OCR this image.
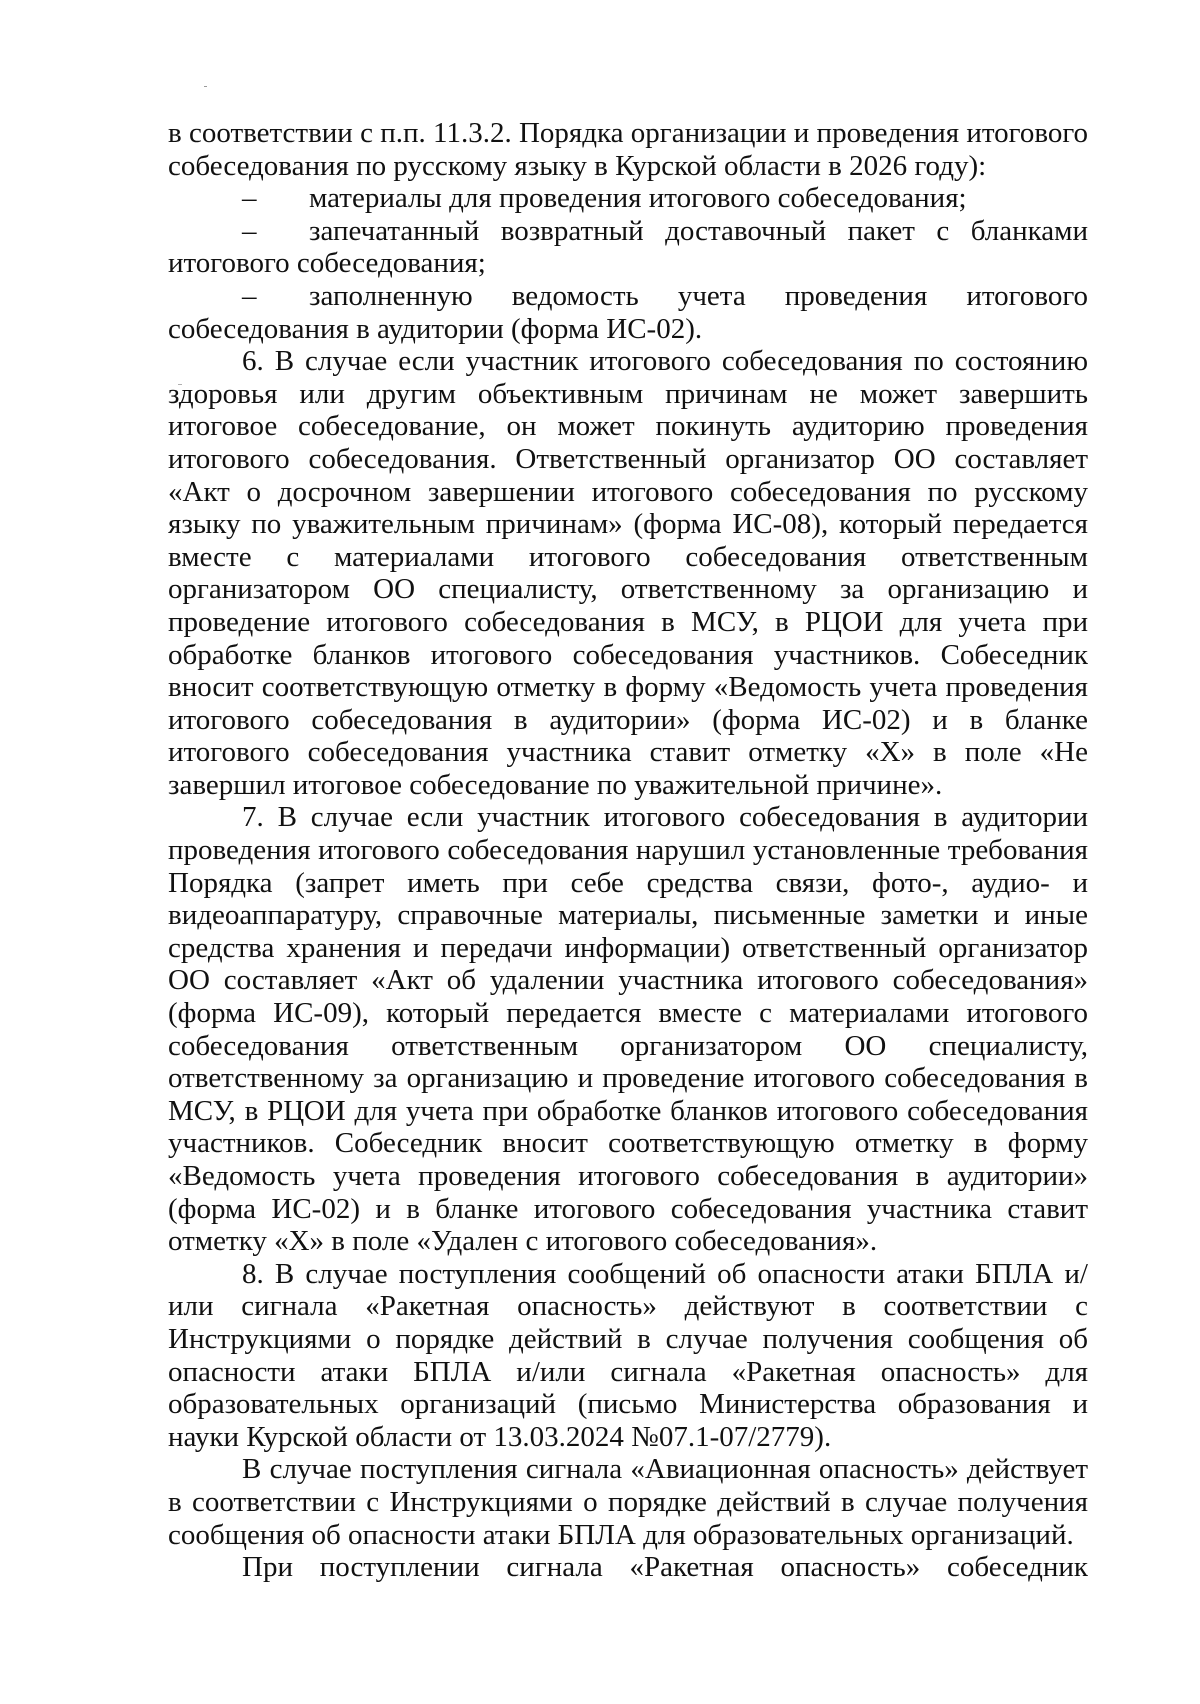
в соответствии с п.п. 11.3.2. Порядка организации и проведения итогового собеседования по русскому языку в Курской области в 2026 году):

– материалы для проведения итогового собеседования;

– запечатанный возвратный доставочный пакет с бланками итогового собеседования;

– заполненную ведомость учета проведения итогового собеседования в аудитории (форма ИС-02).

6. В случае если участник итогового собеседования по состоянию здоровья или другим объективным причинам не может завершить итоговое собеседование, он может покинуть аудиторию проведения итогового собеседования. Ответственный организатор ОО составляет «Акт о досрочном завершении итогового собеседования по русскому языку по уважительным причинам» (форма ИС-08), который передается вместе с материалами итогового собеседования ответственным организатором ОО специалисту, ответственному за организацию и проведение итогового собеседования в МСУ, в РЦОИ для учета при обработке бланков итогового собеседования участников. Собеседник вносит соответствующую отметку в форму «Ведомость учета проведения итогового собеседования в аудитории» (форма ИС-02) и в бланке итогового собеседования участника ставит отметку «X» в поле «Не завершил итоговое собеседование по уважительной причине».

7. В случае если участник итогового собеседования в аудитории проведения итогового собеседования нарушил установленные требования Порядка (запрет иметь при себе средства связи, фото-, аудио- и видеоаппаратуру, справочные материалы, письменные заметки и иные средства хранения и передачи информации) ответственный организатор ОО составляет «Акт об удалении участника итогового собеседования» (форма ИС-09), который передается вместе с материалами итогового собеседования ответственным организатором ОО специалисту, ответственному за организацию и проведение итогового собеседования в МСУ, в РЦОИ для учета при обработке бланков итогового собеседования участников. Собеседник вносит соответствующую отметку в форму «Ведомость учета проведения итогового собеседования в аудитории» (форма ИС-02) и в бланке итогового собеседования участника ставит отметку «X» в поле «Удален с итогового собеседования».

8. В случае поступления сообщений об опасности атаки БПЛА и/или сигнала «Ракетная опасность» действуют в соответствии с Инструкциями о порядке действий в случае получения сообщения об опасности атаки БПЛА и/или сигнала «Ракетная опасность» для образовательных организаций (письмо Министерства образования и науки Курской области от 13.03.2024 №07.1-07/2779).

В случае поступления сигнала «Авиационная опасность» действует в соответствии с Инструкциями о порядке действий в случае получения сообщения об опасности атаки БПЛА для образовательных организаций.

При поступлении сигнала «Ракетная опасность» собеседник
